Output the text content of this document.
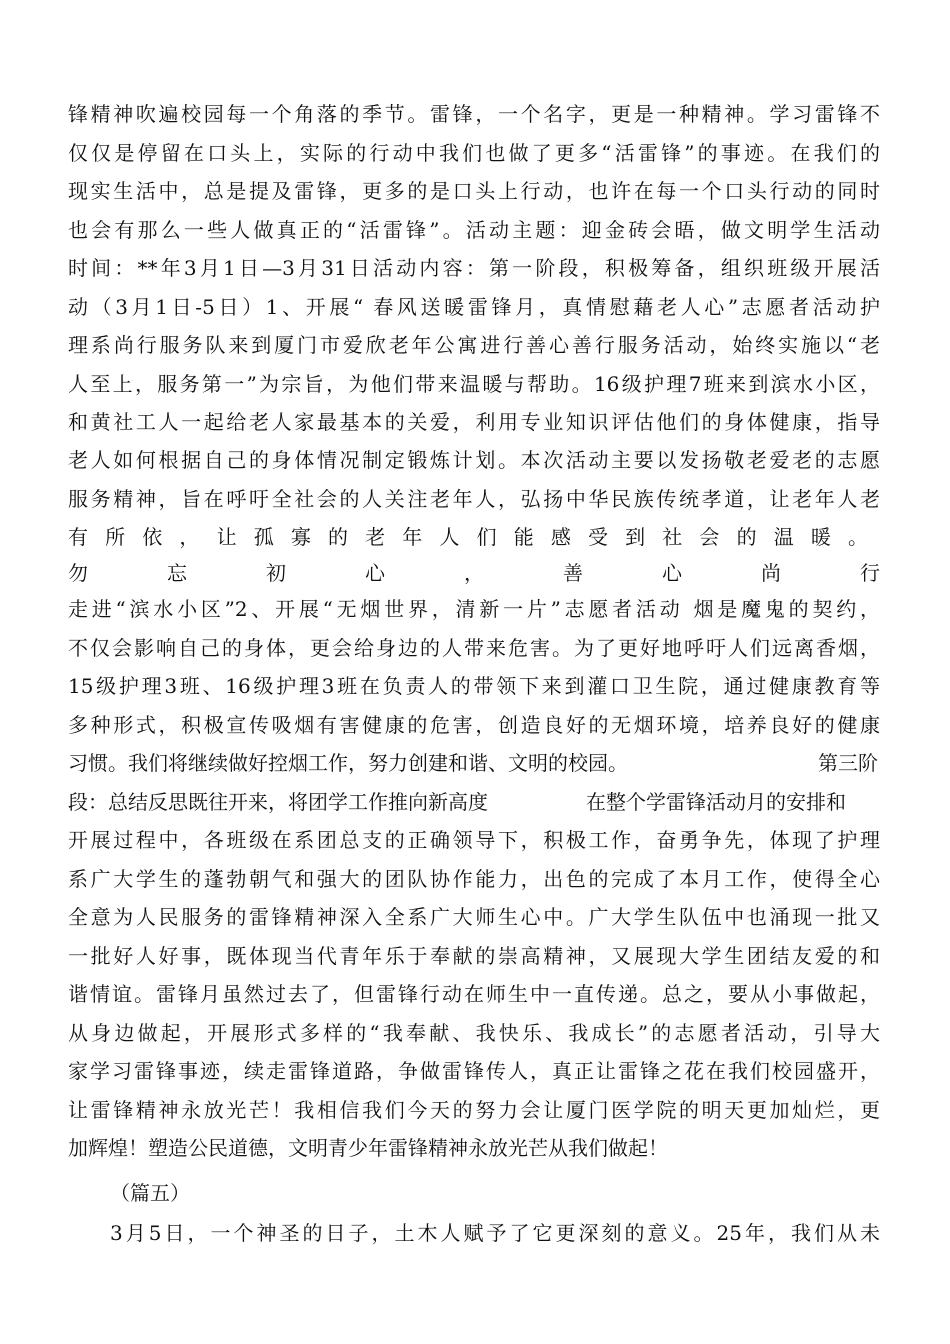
锋精神吹遍校园每一个角落的季节。雷锋，一个名字，更是一种精神。学习雷锋不
仅仅是停留在口头上，实际的行动中我们也做了更多“活雷锋”的事迹。在我们的
现实生活中，总是提及雷锋，更多的是口头上行动，也许在每一个口头行动的同时
也会有那么一些人做真正的“活雷锋”。活动主题：迎金砖会晤，做文明学生活动
时间：**年3月1日—3月31日活动内容：第一阶段，积极筹备，组织班级开展活
动（3月1日-5日）1、开展“ 春风送暖雷锋月，真情慰藉老人心”志愿者活动护
理系尚行服务队来到厦门市爱欣老年公寓进行善心善行服务活动，始终实施以“老
人至上，服务第一”为宗旨，为他们带来温暖与帮助。16级护理7班来到滨水小区，
和黄社工人一起给老人家最基本的关爱，利用专业知识评估他们的身体健康，指导
老人如何根据自己的身体情况制定锻炼计划。本次活动主要以发扬敬老爱老的志愿
服务精神，旨在呼吁全社会的人关注老年人，弘扬中华民族传统孝道，让老年人老
有所依，让孤寡的老年人们能感受到社会的温暖。
勿忘初心，善心尚行
走进“滨水小区”2、开展“无烟世界，清新一片”志愿者活动 烟是魔鬼的契约，
不仅会影响自己的身体，更会给身边的人带来危害。为了更好地呼吁人们远离香烟，
15级护理3班、16级护理3班在负责人的带领下来到灌口卫生院，通过健康教育等
多种形式，积极宣传吸烟有害健康的危害，创造良好的无烟环境，培养良好的健康
习惯。我们将继续做好控烟工作，努力创建和谐、文明的校园。	第三阶
段：总结反思既往开来，将团学工作推向新高度	在整个学雷锋活动月的安排和
开展过程中，各班级在系团总支的正确领导下，积极工作，奋勇争先，体现了护理
系广大学生的蓬勃朝气和强大的团队协作能力，出色的完成了本月工作，使得全心
全意为人民服务的雷锋精神深入全系广大师生心中。广大学生队伍中也涌现一批又
一批好人好事，既体现当代青年乐于奉献的崇高精神，又展现大学生团结友爱的和
谐情谊。雷锋月虽然过去了，但雷锋行动在师生中一直传递。总之，要从小事做起，
从身边做起，开展形式多样的“我奉献、我快乐、我成长”的志愿者活动，引导大
家学习雷锋事迹，续走雷锋道路，争做雷锋传人，真正让雷锋之花在我们校园盛开，
让雷锋精神永放光芒！我相信我们今天的努力会让厦门医学院的明天更加灿烂，更
加辉煌！塑造公民道德，文明青少年雷锋精神永放光芒从我们做起！
（篇五）
3月5日，一个神圣的日子，土木人赋予了它更深刻的意义。25年，我们从未
